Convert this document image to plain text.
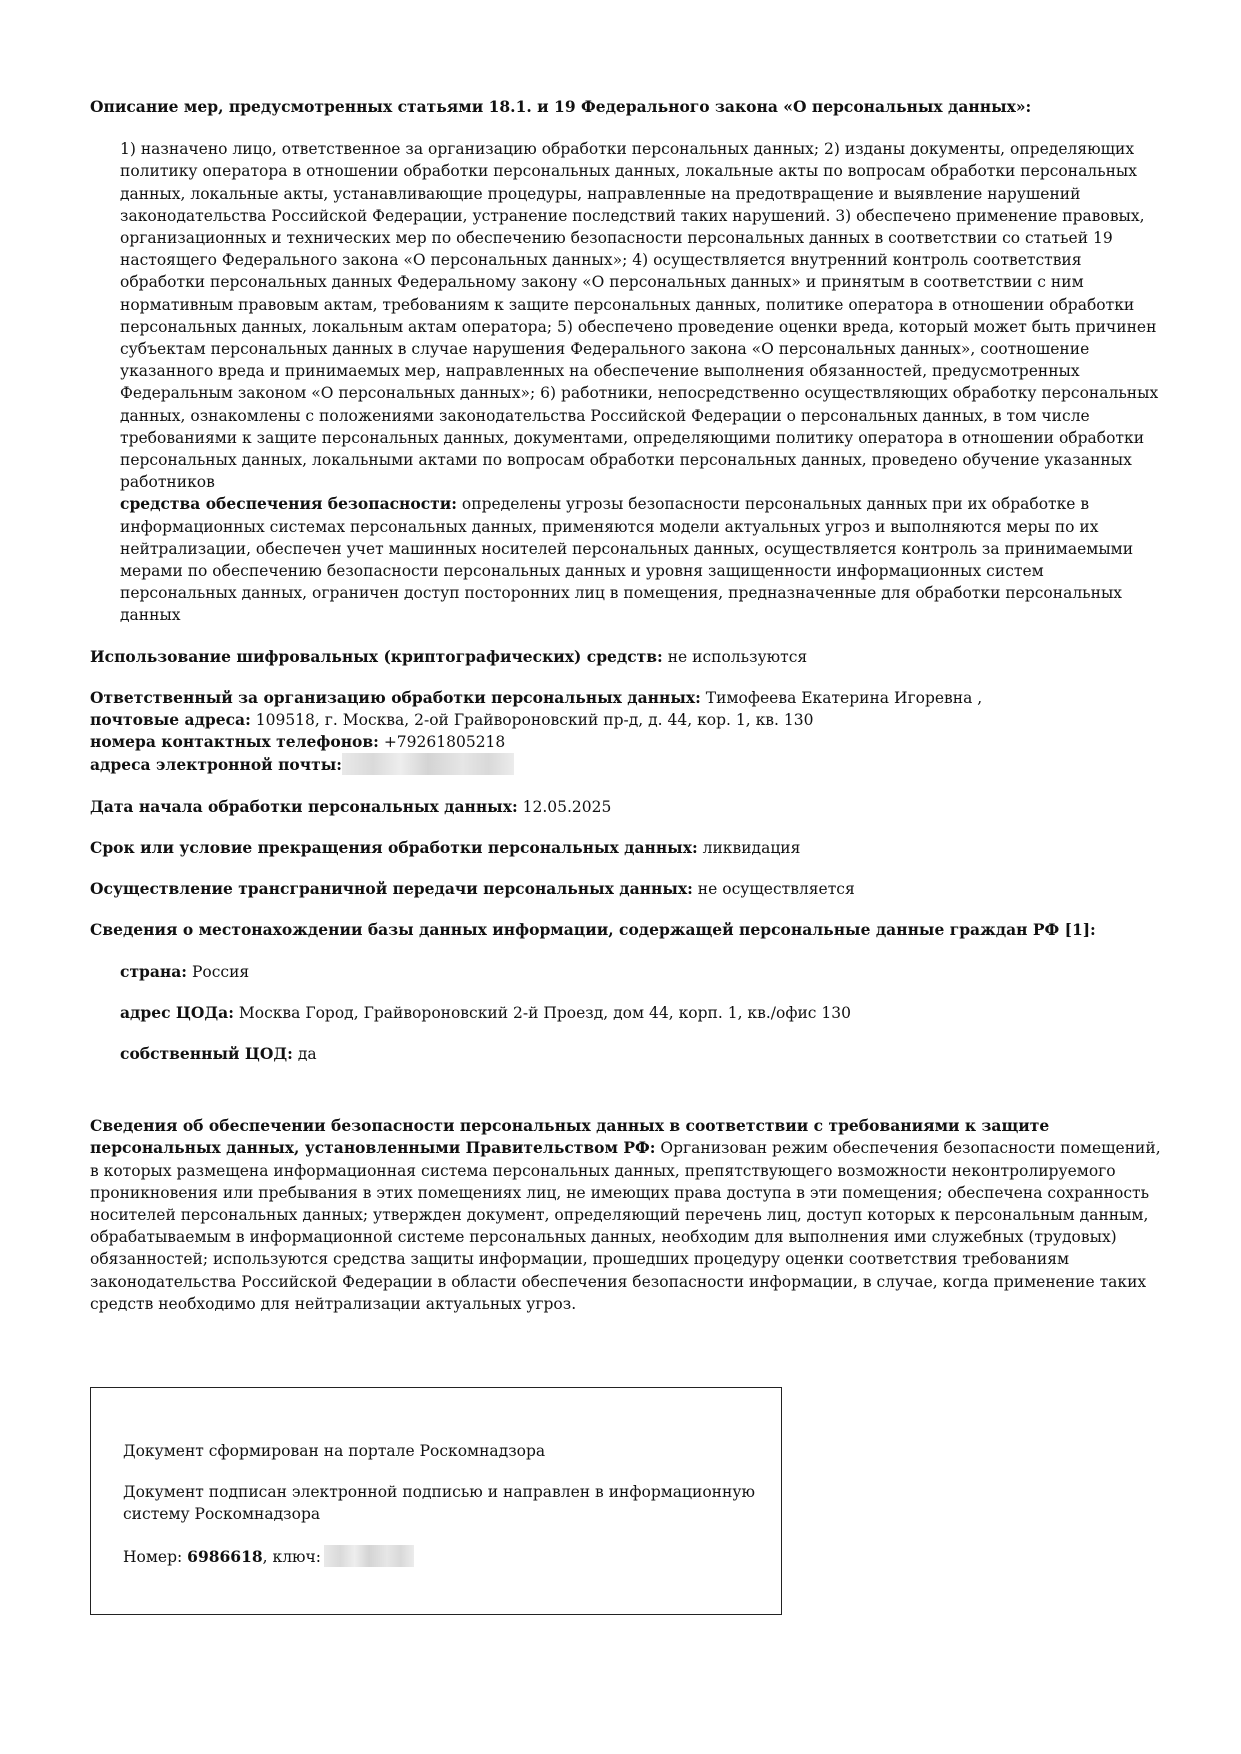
Описание мер, предусмотренных статьями 18.1. и 19 Федерального закона «О персональных данных»:

1) назначено лицо, ответственное за организацию обработки персональных данных; 2) изданы документы, определяющих политику оператора в отношении обработки персональных данных, локальные акты по вопросам обработки персональных данных, локальные акты, устанавливающие процедуры, направленные на предотвращение и выявление нарушений законодательства Российской Федерации, устранение последствий таких нарушений. 3) обеспечено применение правовых, организационных и технических мер по обеспечению безопасности персональных данных в соответствии со статьей 19 настоящего Федерального закона «О персональных данных»; 4) осуществляется внутренний контроль соответствия обработки персональных данных Федеральному закону «О персональных данных» и принятым в соответствии с ним нормативным правовым актам, требованиям к защите персональных данных, политике оператора в отношении обработки персональных данных, локальным актам оператора; 5) обеспечено проведение оценки вреда, который может быть причинен субъектам персональных данных в случае нарушения Федерального закона «О персональных данных», соотношение указанного вреда и принимаемых мер, направленных на обеспечение выполнения обязанностей, предусмотренных Федеральным законом «О персональных данных»; 6) работники, непосредственно осуществляющих обработку персональных данных, ознакомлены с положениями законодательства Российской Федерации о персональных данных, в том числе требованиями к защите персональных данных, документами, определяющими политику оператора в отношении обработки персональных данных, локальными актами по вопросам обработки персональных данных, проведено обучение указанных работников

средства обеспечения безопасности: определены угрозы безопасности персональных данных при их обработке в информационных системах персональных данных, применяются модели актуальных угроз и выполняются меры по их нейтрализации, обеспечен учет машинных носителей персональных данных, осуществляется контроль за принимаемыми мерами по обеспечению безопасности персональных данных и уровня защищенности информационных систем персональных данных, ограничен доступ посторонних лиц в помещения, предназначенные для обработки персональных данных

Использование шифровальных (криптографических) средств: не используются

Ответственный за организацию обработки персональных данных: Тимофеева Екатерина Игоревна ,

почтовые адреса: 109518, г. Москва, 2-ой Грайвороновский пр-д, д. 44, кор. 1, кв. 130

номера контактных телефонов: +79261805218

адреса электронной почты:

Дата начала обработки персональных данных: 12.05.2025

Срок или условие прекращения обработки персональных данных: ликвидация

Осуществление трансграничной передачи персональных данных: не осуществляется

Сведения о местонахождении базы данных информации, содержащей персональные данные граждан РФ [1]:

страна: Россия

адрес ЦОДа: Москва Город, Грайвороновский 2-й Проезд, дом 44, корп. 1, кв./офис 130

собственный ЦОД: да

Сведения об обеспечении безопасности персональных данных в соответствии с требованиями к защите персональных данных, установленными Правительством РФ: Организован режим обеспечения безопасности помещений, в которых размещена информационная система персональных данных, препятствующего возможности неконтролируемого проникновения или пребывания в этих помещениях лиц, не имеющих права доступа в эти помещения; обеспечена сохранность носителей персональных данных; утвержден документ, определяющий перечень лиц, доступ которых к персональным данным, обрабатываемым в информационной системе персональных данных, необходим для выполнения ими служебных (трудовых) обязанностей; используются средства защиты информации, прошедших процедуру оценки соответствия требованиям законодательства Российской Федерации в области обеспечения безопасности информации, в случае, когда применение таких средств необходимо для нейтрализации актуальных угроз.

Документ сформирован на портале Роскомнадзора

Документ подписан электронной подписью и направлен в информационную систему Роскомнадзора

Номер: 6986618, ключ:
